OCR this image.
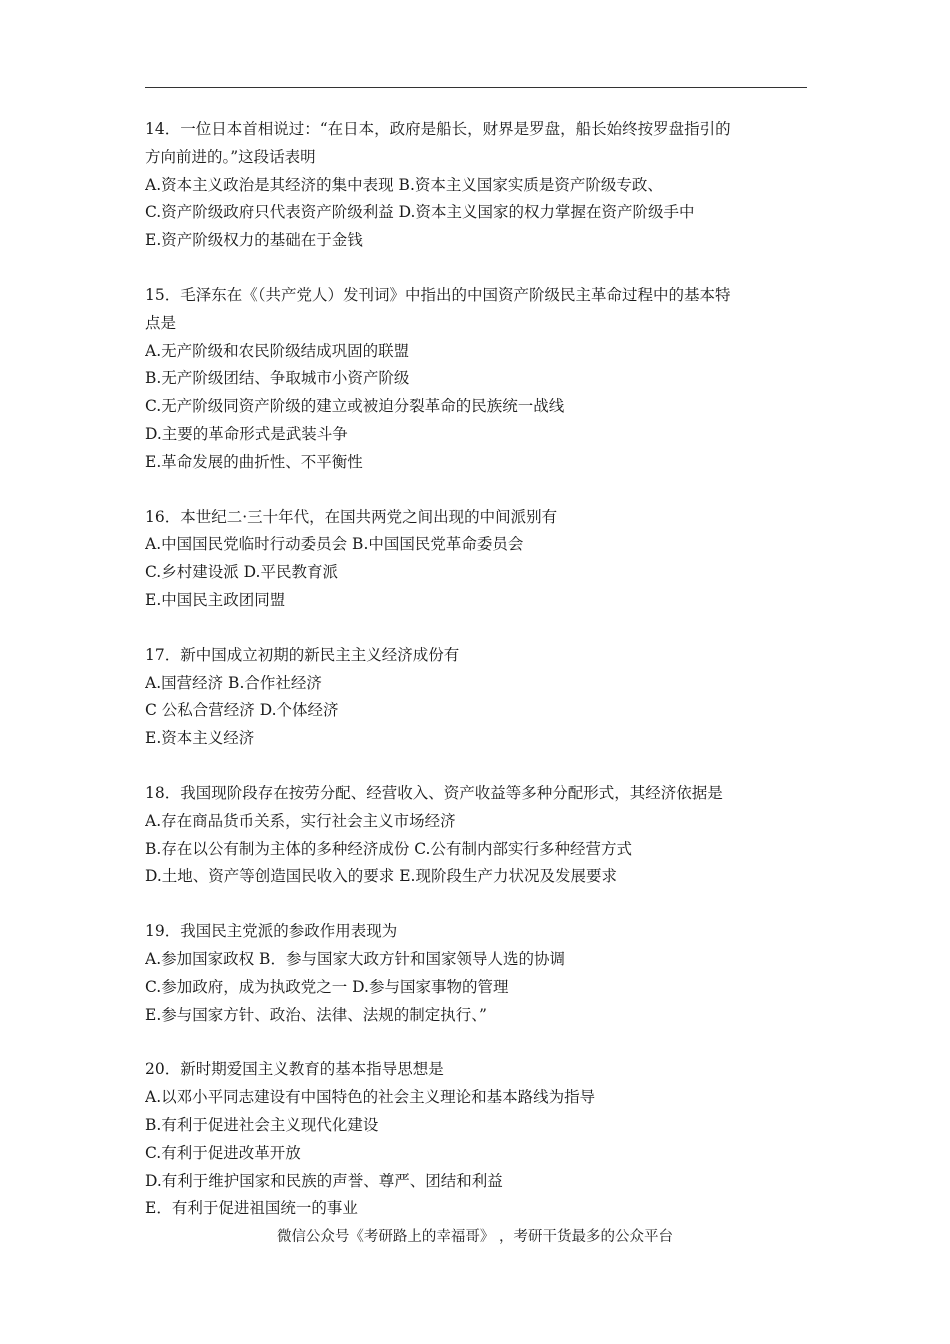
14．一位日本首相说过：“在日本，政府是船长，财界是罗盘，船长始终按罗盘指引的
方向前进的。”这段话表明
A.资本主义政治是其经济的集中表现 B.资本主义国家实质是资产阶级专政、
C.资产阶级政府只代表资产阶级利益 D.资本主义国家的权力掌握在资产阶级手中
E.资产阶级权力的基础在于金钱
15．毛泽东在《（共产党人）发刊词》中指出的中国资产阶级民主革命过程中的基本特
点是
A.无产阶级和农民阶级结成巩固的联盟
B.无产阶级团结、争取城市小资产阶级
C.无产阶级同资产阶级的建立或被迫分裂革命的民族统一战线
D.主要的革命形式是武装斗争
E.革命发展的曲折性、不平衡性
16．本世纪二·三十年代，在国共两党之间出现的中间派别有
A.中国国民党临时行动委员会 B.中国国民党革命委员会
C.乡村建设派 D.平民教育派
E.中国民主政团同盟
17．新中国成立初期的新民主主义经济成份有
A.国营经济 B.合作社经济
C 公私合营经济 D.个体经济
E.资本主义经济
18．我国现阶段存在按劳分配、经营收入、资产收益等多种分配形式，其经济依据是
A.存在商品货币关系，实行社会主义市场经济
B.存在以公有制为主体的多种经济成份 C.公有制内部实行多种经营方式
D.土地、资产等创造国民收入的要求 E.现阶段生产力状况及发展要求
19．我国民主党派的参政作用表现为
A.参加国家政权 B．参与国家大政方针和国家领导人选的协调
C.参加政府，成为执政党之一 D.参与国家事物的管理
E.参与国家方针、政治、法律、法规的制定执行、”
20．新时期爱国主义教育的基本指导思想是
A.以邓小平同志建设有中国特色的社会主义理论和基本路线为指导
B.有利于促进社会主义现代化建设
C.有利于促进改革开放
D.有利于维护国家和民族的声誉、尊严、团结和利益
E．有利于促进祖国统一的事业
微信公众号《考研路上的幸福哥》 ，考研干货最多的公众平台
